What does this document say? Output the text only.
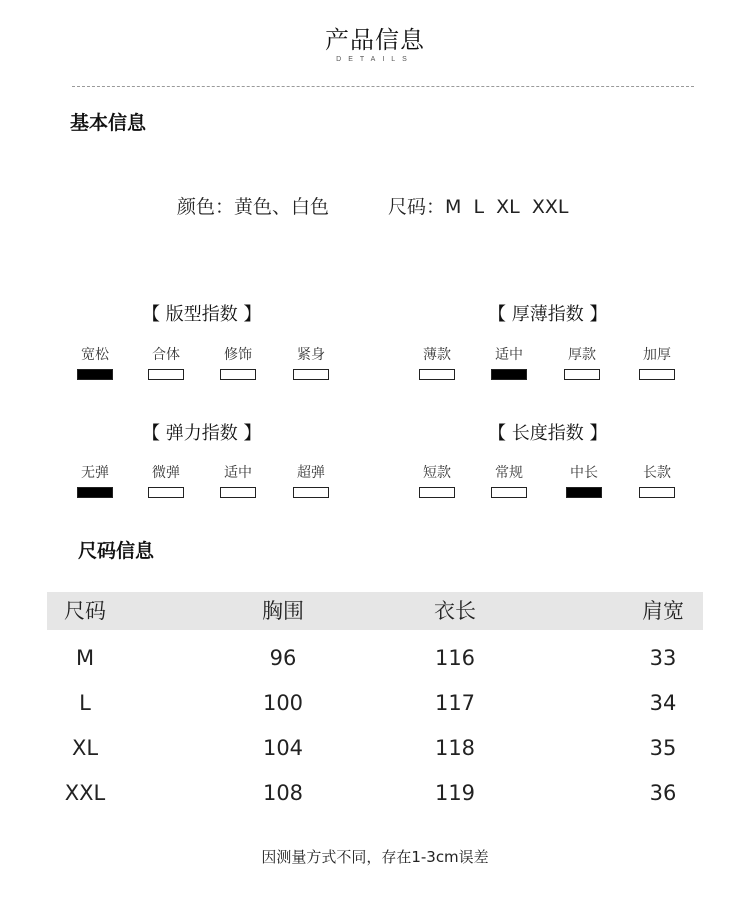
产品信息
DETAILS
基本信息
颜色：黄色、白色	尺码：M  L  XL  XXL
【 版型指数 】
宽松	合体	修饰	紧身
【 厚薄指数 】
薄款	适中	厚款	加厚
【 弹力指数 】
无弹	微弹	适中	超弹
【 长度指数 】
短款	常规	中长	长款
尺码信息
尺码	胸围	衣长	肩宽
M	96	116	33
L	100	117	34
XL	104	118	35
XXL	108	119	36
因测量方式不同，存在1-3cm误差
